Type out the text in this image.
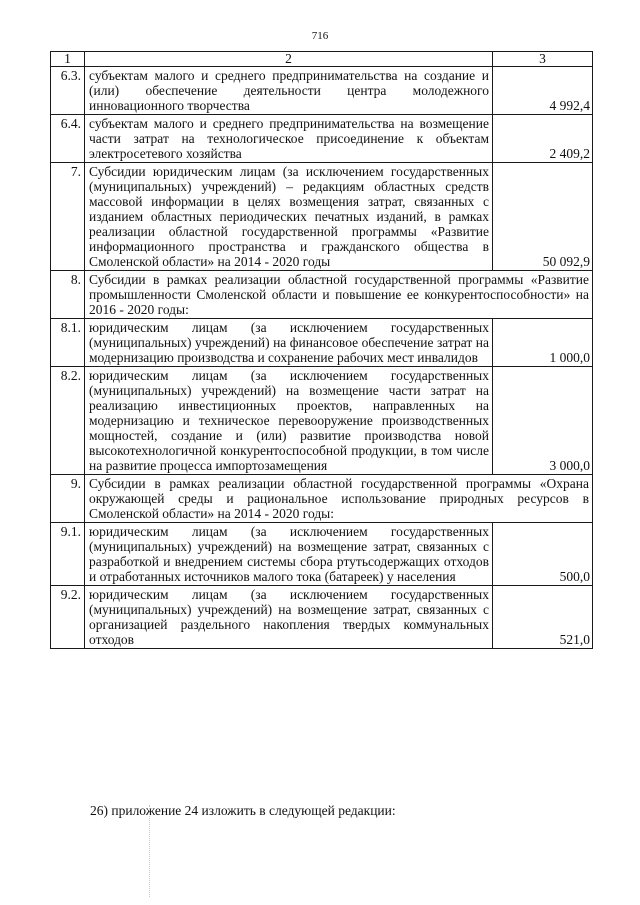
716
1	2	3
6.3.	субъектам малого и среднего предпринимательства на создание и (или) обеспечение деятельности центра молодежного инновационного творчества	4 992,4
6.4.	субъектам малого и среднего предпринимательства на возмещение части затрат на технологическое присоединение к объектам электросетевого хозяйства	2 409,2
7.	Субсидии юридическим лицам (за исключением государственных (муниципальных) учреждений) – редакциям областных средств массовой информации в целях возмещения затрат, связанных с изданием областных периодических печатных изданий, в рамках реализации областной государственной программы «Развитие информационного пространства и гражданского общества в Смоленской области» на 2014 - 2020 годы	50 092,9
8.	Субсидии в рамках реализации областной государственной программы «Развитие промышленности Смоленской области и повышение ее конкурентоспособности» на 2016 - 2020 годы:	
8.1.	юридическим лицам (за исключением государственных (муниципальных) учреждений) на финансовое обеспечение затрат на модернизацию производства и сохранение рабочих мест инвалидов	1 000,0
8.2.	юридическим лицам (за исключением государственных (муниципальных) учреждений) на возмещение части затрат на реализацию инвестиционных проектов, направленных на модернизацию и техническое перевооружение производственных мощностей, создание и (или) развитие производства новой высокотехнологичной конкурентоспособной продукции, в том числе на развитие процесса импортозамещения	3 000,0
9.	Субсидии в рамках реализации областной государственной программы «Охрана окружающей среды и рациональное использование природных ресурсов в Смоленской области» на 2014 - 2020 годы:	
9.1.	юридическим лицам (за исключением государственных (муниципальных) учреждений) на возмещение затрат, связанных с разработкой и внедрением системы сбора ртутьсодержащих отходов и отработанных источников малого тока (батареек) у населения	500,0
9.2.	юридическим лицам (за исключением государственных (муниципальных) учреждений) на возмещение затрат, связанных с организацией раздельного накопления твердых коммунальных отходов	521,0
26) приложение 24 изложить в следующей редакции:
